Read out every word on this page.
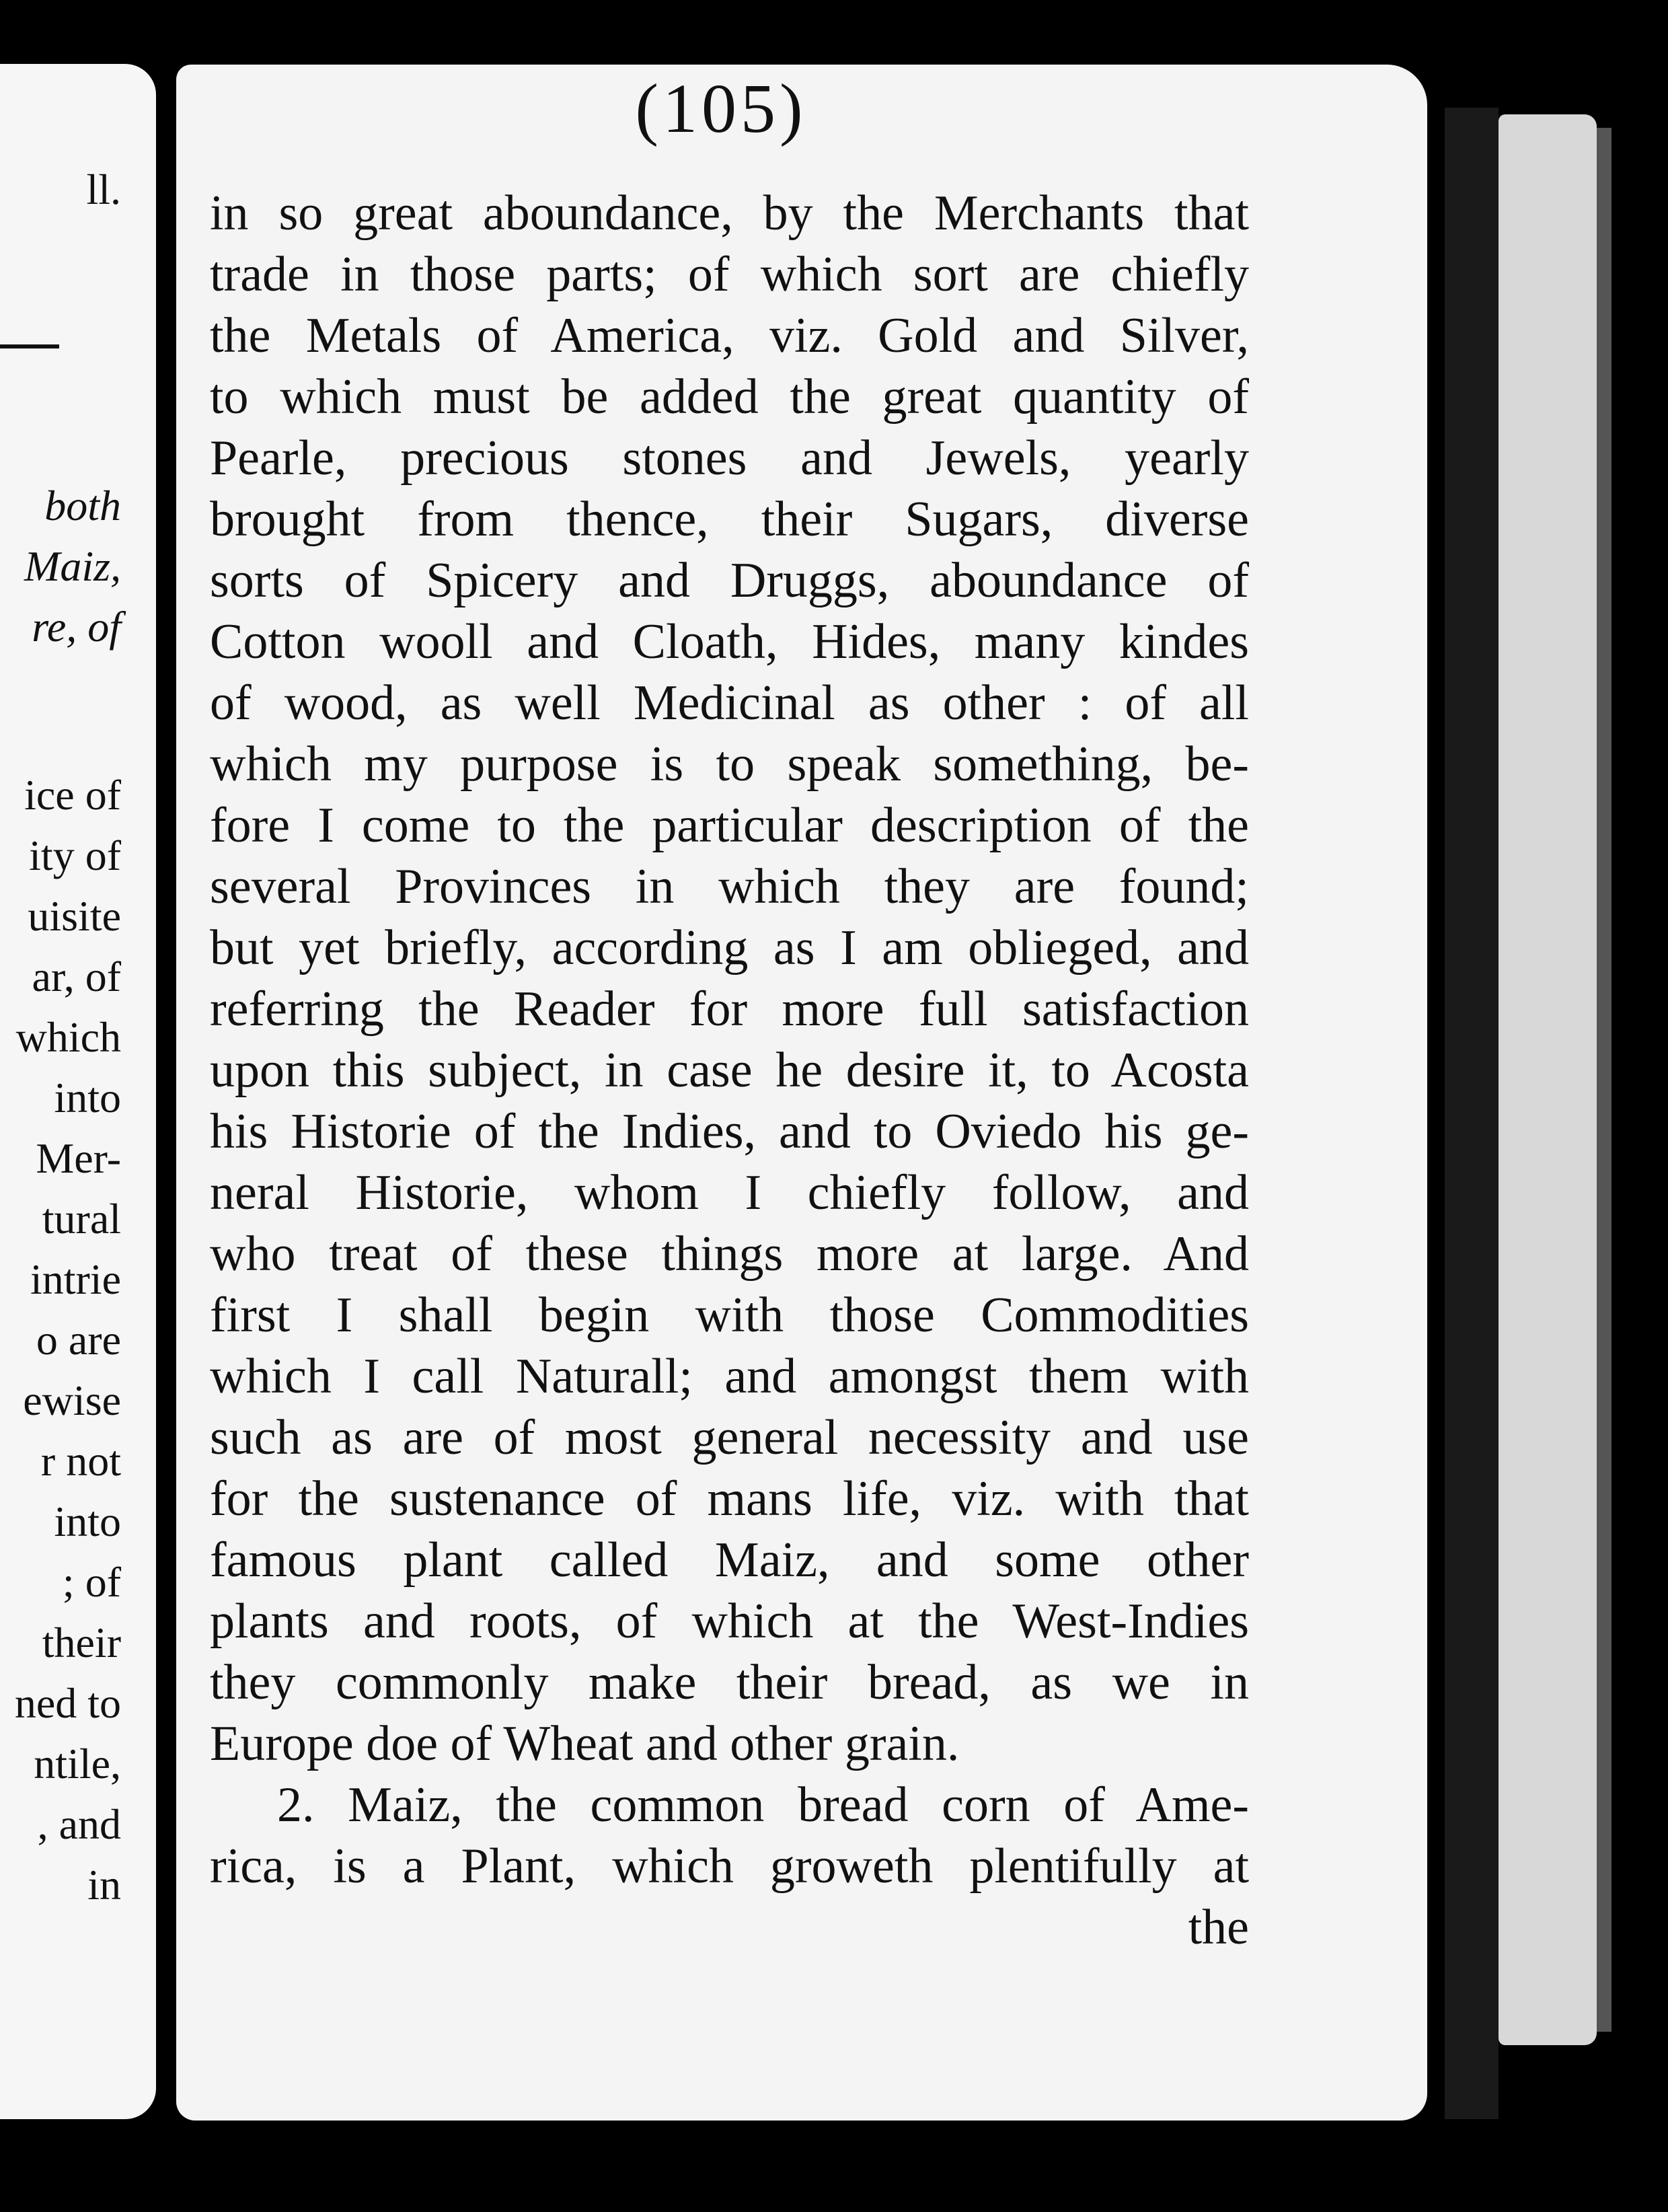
ll.
both
Maiz,
re, of
ice of
ity of
uisite
ar, of
which
into
Mer-
tural
intrie
o are
ewise
r not
into
; of
their
ned to
ntile,
, and
in
(105)
in so great aboundance, by the Merchants that
trade in those parts; of which sort are chiefly
the Metals of America, viz. Gold and Silver,
to which must be added the great quantity of
Pearle, precious stones and Jewels, yearly
brought from thence, their Sugars, diverse
sorts of Spicery and Druggs, aboundance of
Cotton wooll and Cloath, Hides, many kindes
of wood, as well Medicinal as other : of all
which my purpose is to speak something, be-
fore I come to the particular description of the
several Provinces in which they are found;
but yet briefly, according as I am oblieged, and
referring the Reader for more full satisfaction
upon this subject, in case he desire it, to Acosta
his Historie of the Indies, and to Oviedo his ge-
neral Historie, whom I chiefly follow, and
who treat of these things more at large. And
first I shall begin with those Commodities
which I call Naturall; and amongst them with
such as are of most general necessity and use
for the sustenance of mans life, viz. with that
famous plant called Maiz, and some other
plants and roots, of which at the West-Indies
they commonly make their bread, as we in
Europe doe of Wheat and other grain.
2. Maiz, the common bread corn of Ame-
rica, is a Plant, which groweth plentifully at
the
